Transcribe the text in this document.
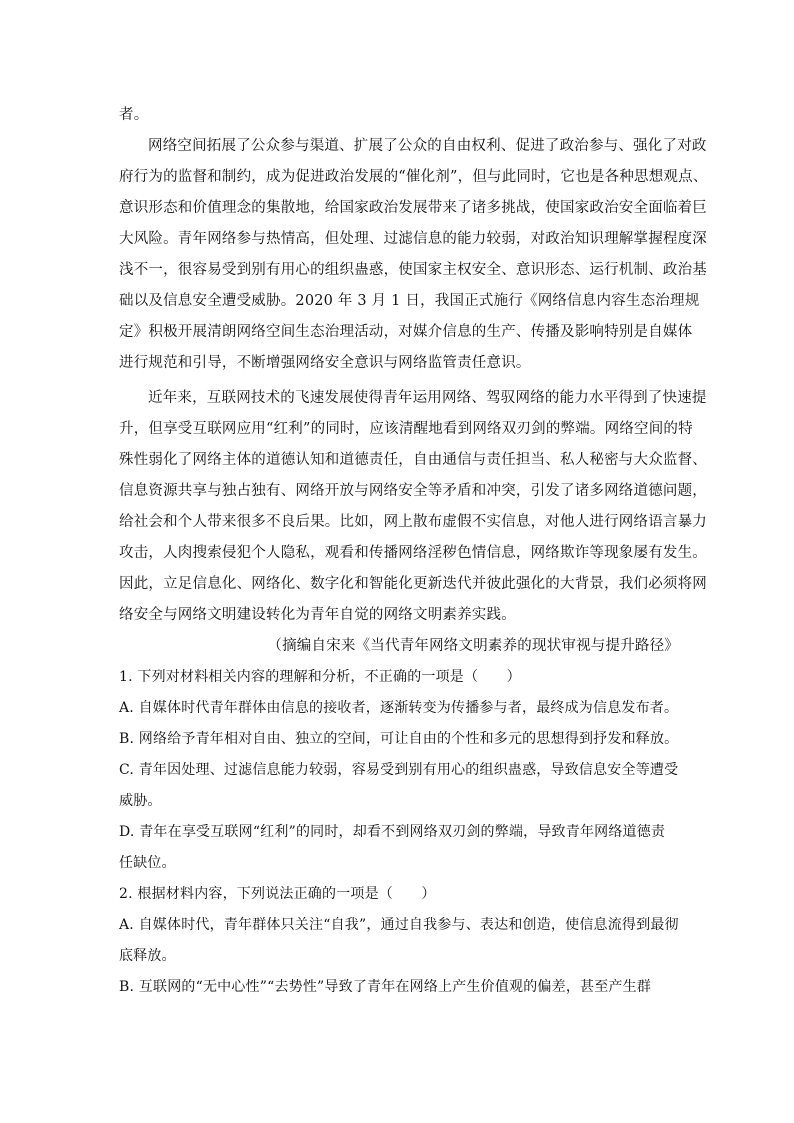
者。
网络空间拓展了公众参与渠道、扩展了公众的自由权利、促进了政治参与、强化了对政
府行为的监督和制约，成为促进政治发展的“催化剂”，但与此同时，它也是各种思想观点、
意识形态和价值理念的集散地，给国家政治发展带来了诸多挑战，使国家政治安全面临着巨
大风险。青年网络参与热情高，但处理、过滤信息的能力较弱，对政治知识理解掌握程度深
浅不一，很容易受到别有用心的组织蛊惑，使国家主权安全、意识形态、运行机制、政治基
础以及信息安全遭受威胁。2020 年 3 月 1 日，我国正式施行《网络信息内容生态治理规
定》积极开展清朗网络空间生态治理活动，对媒介信息的生产、传播及影响特别是自媒体
进行规范和引导，不断增强网络安全意识与网络监管责任意识。
近年来，互联网技术的飞速发展使得青年运用网络、驾驭网络的能力水平得到了快速提
升，但享受互联网应用“红利”的同时，应该清醒地看到网络双刃剑的弊端。网络空间的特
殊性弱化了网络主体的道德认知和道德责任，自由通信与责任担当、私人秘密与大众监督、
信息资源共享与独占独有、网络开放与网络安全等矛盾和冲突，引发了诸多网络道德问题，
给社会和个人带来很多不良后果。比如，网上散布虚假不实信息，对他人进行网络语言暴力
攻击，人肉搜索侵犯个人隐私，观看和传播网络淫秽色情信息，网络欺诈等现象屡有发生。
因此，立足信息化、网络化、数字化和智能化更新迭代并彼此强化的大背景，我们必须将网
络安全与网络文明建设转化为青年自觉的网络文明素养实践。
（摘编自宋来《当代青年网络文明素养的现状审视与提升路径》
1. 下列对材料相关内容的理解和分析，不正确的一项是（　　）
A. 自媒体时代青年群体由信息的接收者，逐渐转变为传播参与者，最终成为信息发布者。
B. 网络给予青年相对自由、独立的空间，可让自由的个性和多元的思想得到抒发和释放。
C. 青年因处理、过滤信息能力较弱，容易受到别有用心的组织蛊惑，导致信息安全等遭受
威胁。
D. 青年在享受互联网“红利”的同时，却看不到网络双刃剑的弊端，导致青年网络道德责
任缺位。
2. 根据材料内容，下列说法正确的一项是（　　）
A. 自媒体时代，青年群体只关注“自我”，通过自我参与、表达和创造，使信息流得到最彻
底释放。
B. 互联网的“无中心性”“去势性”导致了青年在网络上产生价值观的偏差，甚至产生群
